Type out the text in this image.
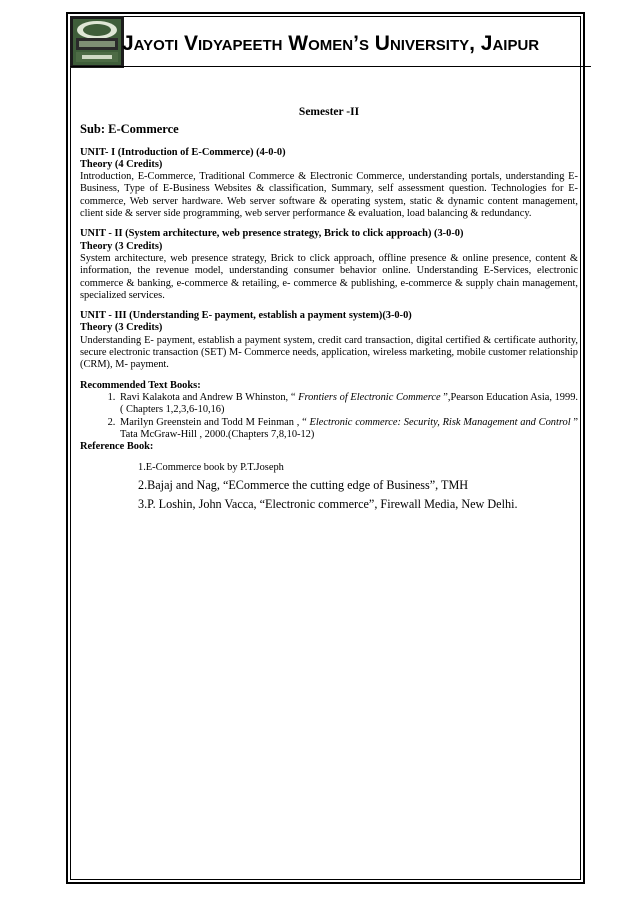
Jayoti Vidyapeeth Women’s University, Jaipur

Semester -II

Sub: E-Commerce

UNIT- I (Introduction of E-Commerce) (4-0-0)

Theory (4 Credits)

Introduction, E-Commerce, Traditional Commerce & Electronic Commerce, understanding portals, understanding E- Business, Type of E-Business Websites & classification, Summary, self assessment question. Technologies for E-commerce, Web server hardware. Web server software & operating system, static & dynamic content management, client side & server side programming, web server performance & evaluation, load balancing & redundancy.

UNIT - II (System architecture, web presence strategy, Brick to click approach) (3-0-0)

Theory (3 Credits)

System architecture, web presence strategy, Brick to click approach, offline presence & online presence, content & information, the revenue model, understanding consumer behavior online. Understanding E-Services, electronic commerce & banking, e-commerce & retailing, e- commerce & publishing, e-commerce & supply chain management, specialized services.

UNIT - III (Understanding E- payment, establish a payment system)(3-0-0)

Theory (3 Credits)

Understanding E- payment, establish a payment system, credit card transaction, digital certified & certificate authority, secure electronic transaction (SET) M- Commerce needs, application, wireless marketing, mobile customer relationship (CRM), M- payment.

Recommended Text Books:

1. Ravi Kalakota and Andrew B Whinston, “ Frontiers of Electronic Commerce ”,Pearson Education Asia, 1999.( Chapters 1,2,3,6-10,16)
2. Marilyn Greenstein and Todd M Feinman , “ Electronic commerce: Security, Risk Management and Control ” Tata McGraw-Hill , 2000.(Chapters 7,8,10-12)

Reference Book:

1.E-Commerce book by P.T.Joseph

2.Bajaj and Nag, “ECommerce the cutting edge of Business”, TMH

3.P. Loshin, John Vacca, “Electronic commerce”, Firewall Media, New Delhi.
